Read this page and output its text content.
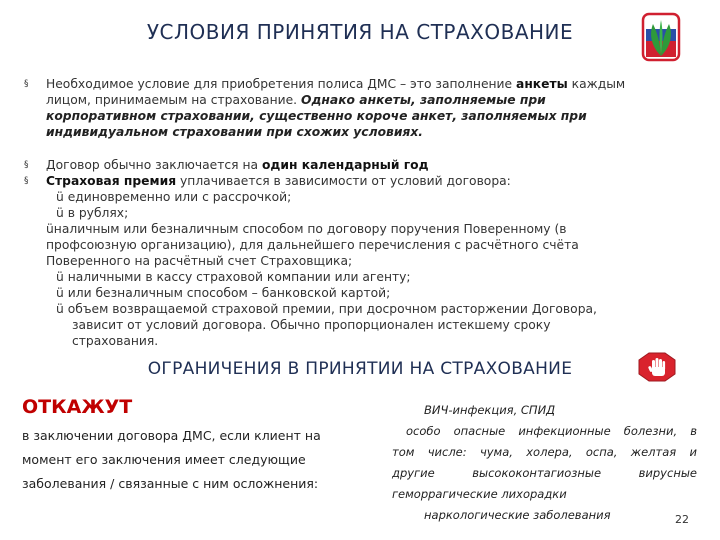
УСЛОВИЯ ПРИНЯТИЯ НА СТРАХОВАНИЕ
§ Необходимое условие для приобретения полиса ДМС – это заполнение анкеты каждым
лицом, принимаемым на страхование. Однако анкеты, заполняемые при
корпоративном страховании, существенно короче анкет, заполняемых при
индивидуальном страховании при схожих условиях.
§ Договор обычно заключается на один календарный год
§ Страховая премия уплачивается в зависимости от условий договора:
ü единовременно или с рассрочкой;
ü в рублях;
üналичным или безналичным способом по договору поручения Поверенному (в
профсоюзную организацию), для дальнейшего перечисления с расчётного счёта
Поверенного на расчётный счет Страховщика;
ü наличными в кассу страховой компании или агенту;
ü или безналичным способом – банковской картой;
ü объем возвращаемой страховой премии, при досрочном расторжении Договора,
зависит от условий договора. Обычно пропорционален истекшему сроку
страхования.
ОГРАНИЧЕНИЯ В ПРИНЯТИИ НА СТРАХОВАНИЕ
ОТКАЖУТ
в заключении договора ДМС, если клиент на
момент его заключения имеет следующие
заболевания / связанные с ним осложнения:
ВИЧ-инфекция, СПИД
особо опасные инфекционные болезни, в
том числе: чума, холера, оспа, желтая и
другие высококонтагиозные вирусные
геморрагические лихорадки
наркологические заболевания	22
